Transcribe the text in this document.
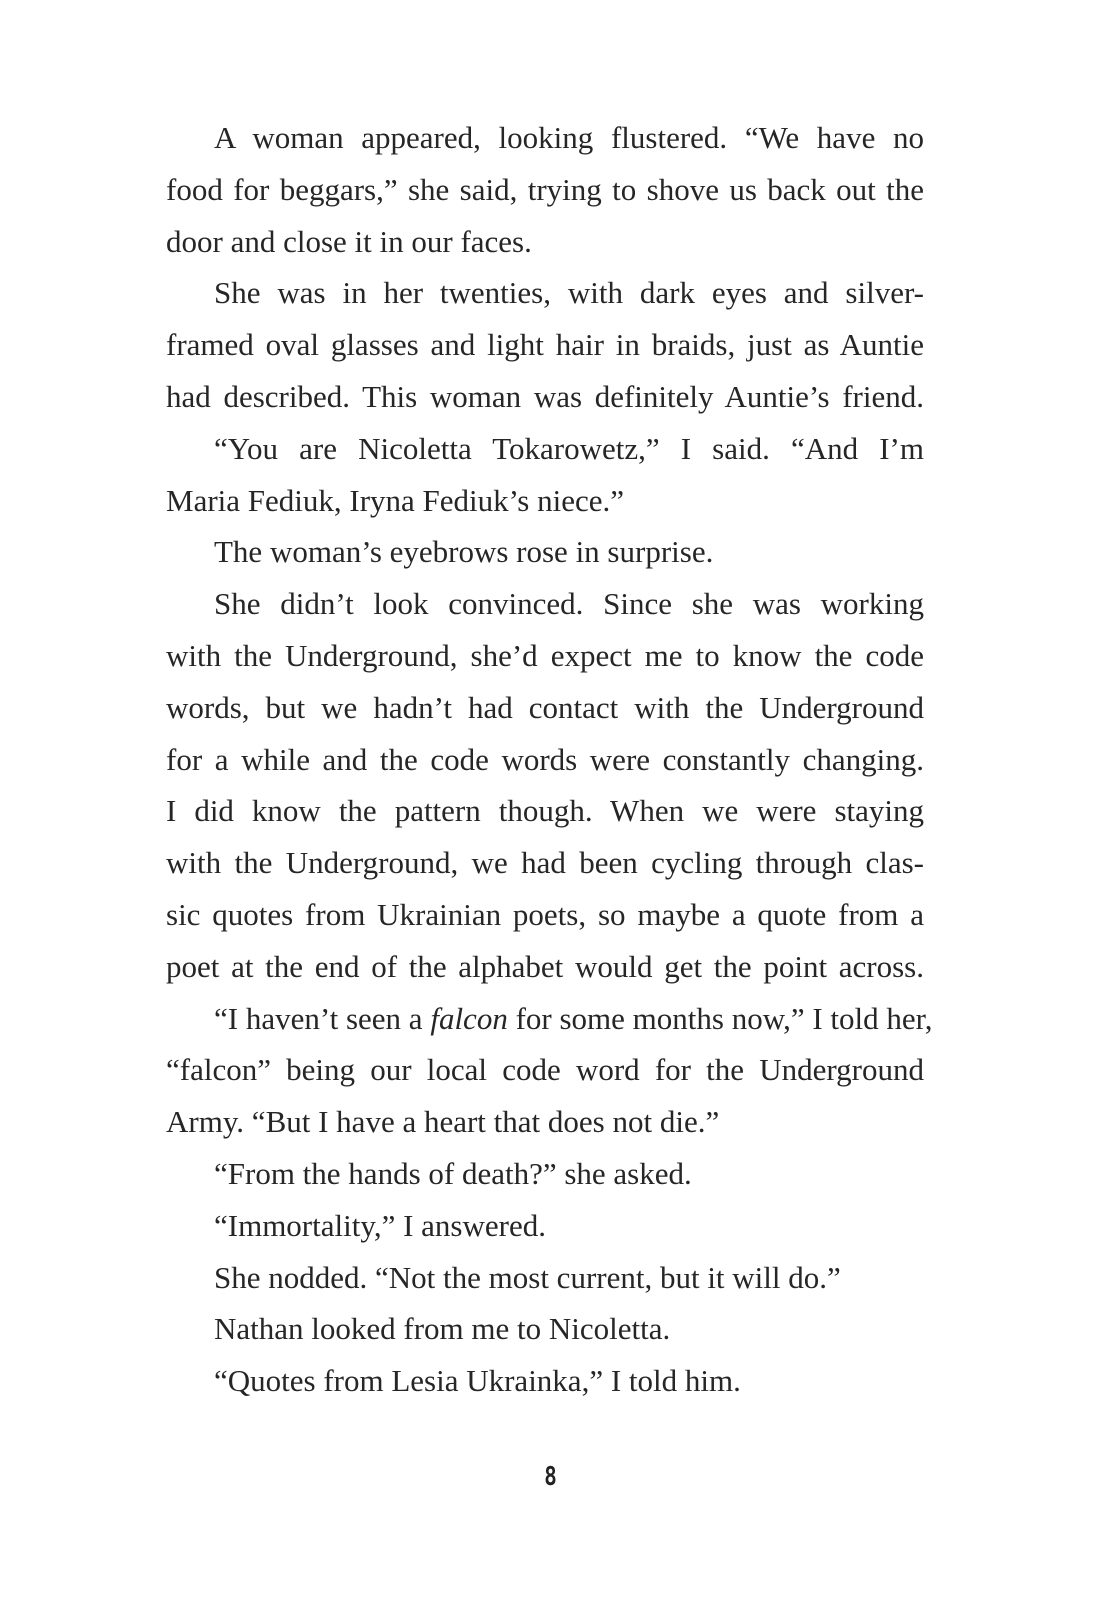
A woman appeared, looking flustered. “We have no
food for beggars,” she said, trying to shove us back out the
door and close it in our faces.
She was in her twenties, with dark eyes and silver-
framed oval glasses and light hair in braids, just as Auntie
had described. This woman was definitely Auntie’s friend.
“You are Nicoletta Tokarowetz,” I said. “And I’m
Maria Fediuk, Iryna Fediuk’s niece.”
The woman’s eyebrows rose in surprise.
She didn’t look convinced. Since she was working
with the Underground, she’d expect me to know the code
words, but we hadn’t had contact with the Underground
for a while and the code words were constantly changing.
I did know the pattern though. When we were staying
with the Underground, we had been cycling through clas-
sic quotes from Ukrainian poets, so maybe a quote from a
poet at the end of the alphabet would get the point across.
“I haven’t seen a falcon for some months now,” I told her,
“falcon” being our local code word for the Underground
Army. “But I have a heart that does not die.”
“From the hands of death?” she asked.
“Immortality,” I answered.
She nodded. “Not the most current, but it will do.”
Nathan looked from me to Nicoletta.
“Quotes from Lesia Ukrainka,” I told him.
8
